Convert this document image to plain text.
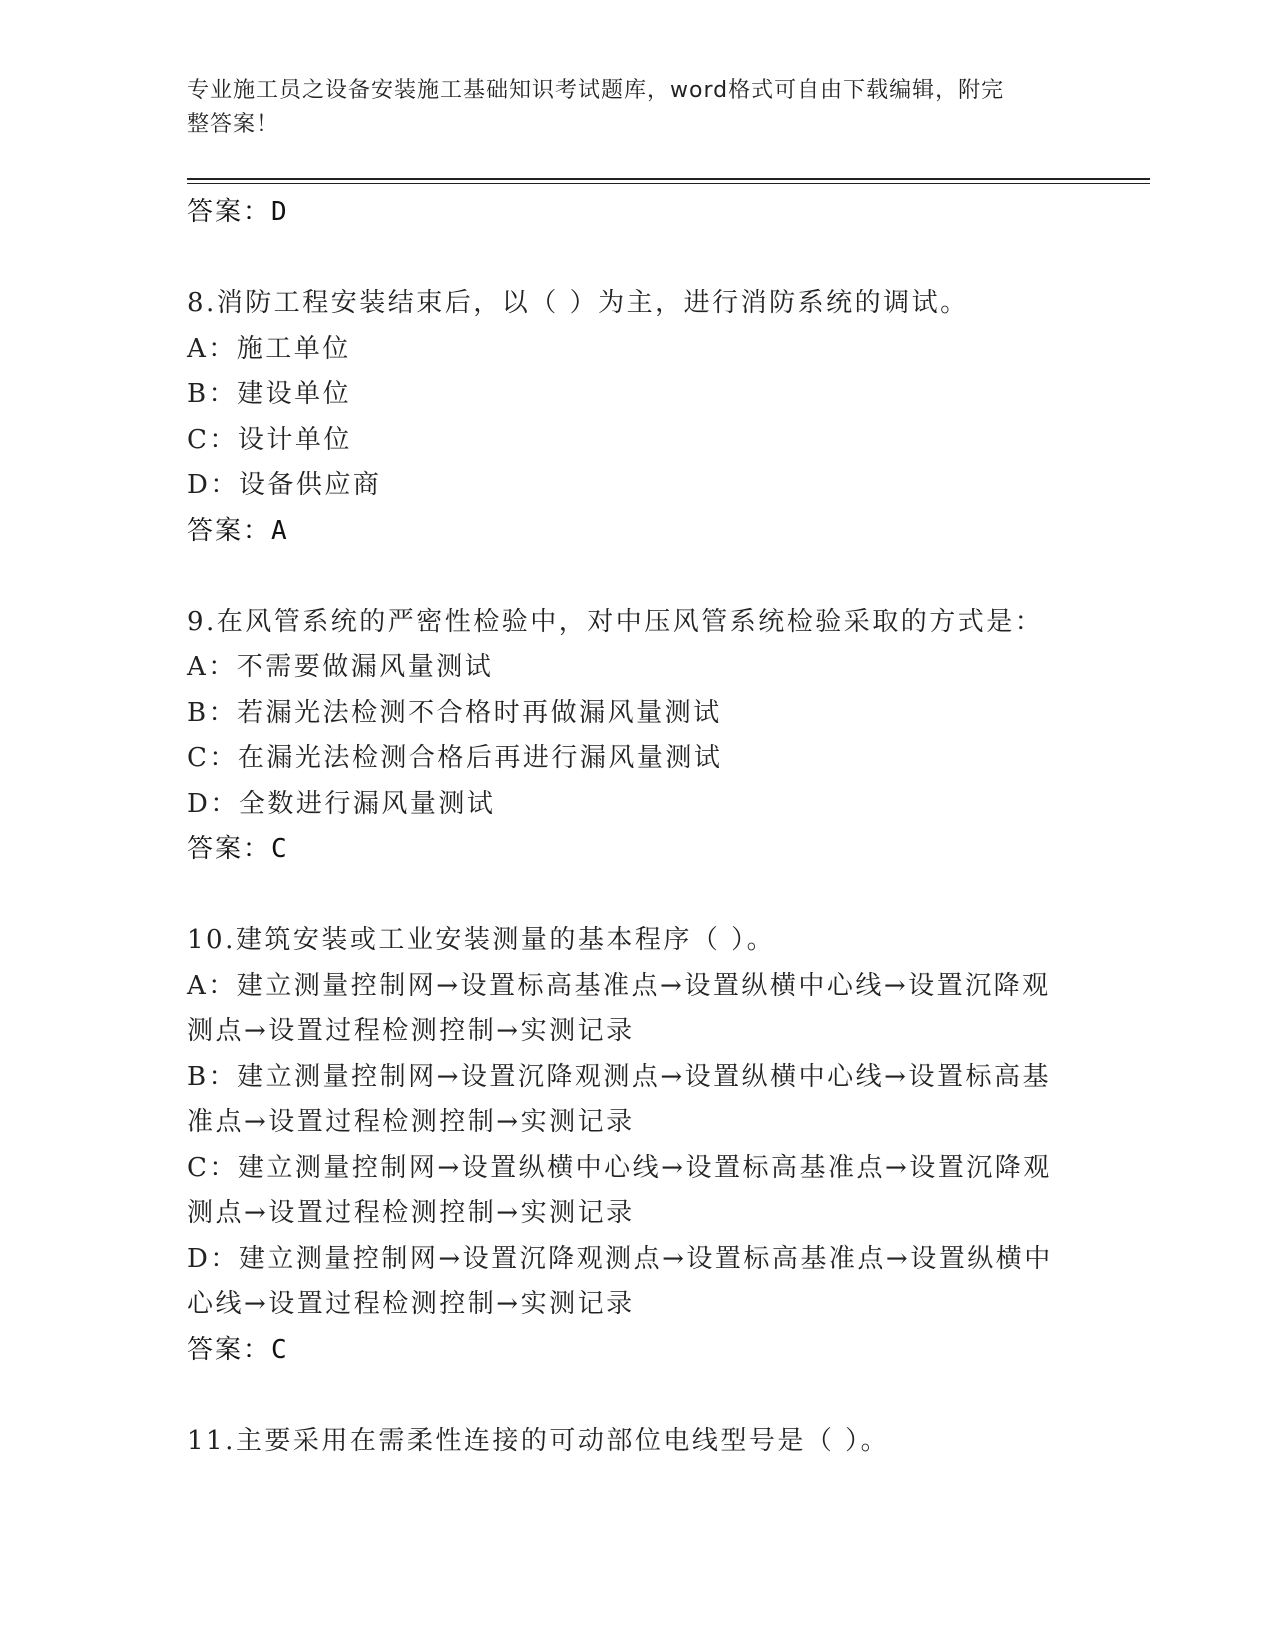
专业施工员之设备安装施工基础知识考试题库，word格式可自由下载编辑，附完
整答案！
答案：D
8.消防工程安装结束后，以（ ）为主，进行消防系统的调试。
A：施工单位
B：建设单位
C：设计单位
D：设备供应商
答案：A
9.在风管系统的严密性检验中，对中压风管系统检验采取的方式是：
A：不需要做漏风量测试
B：若漏光法检测不合格时再做漏风量测试
C：在漏光法检测合格后再进行漏风量测试
D：全数进行漏风量测试
答案：C
10.建筑安装或工业安装测量的基本程序（ ）。
A：建立测量控制网→设置标高基准点→设置纵横中心线→设置沉降观
测点→设置过程检测控制→实测记录
B：建立测量控制网→设置沉降观测点→设置纵横中心线→设置标高基
准点→设置过程检测控制→实测记录
C：建立测量控制网→设置纵横中心线→设置标高基准点→设置沉降观
测点→设置过程检测控制→实测记录
D：建立测量控制网→设置沉降观测点→设置标高基准点→设置纵横中
心线→设置过程检测控制→实测记录
答案：C
11.主要采用在需柔性连接的可动部位电线型号是（ ）。
